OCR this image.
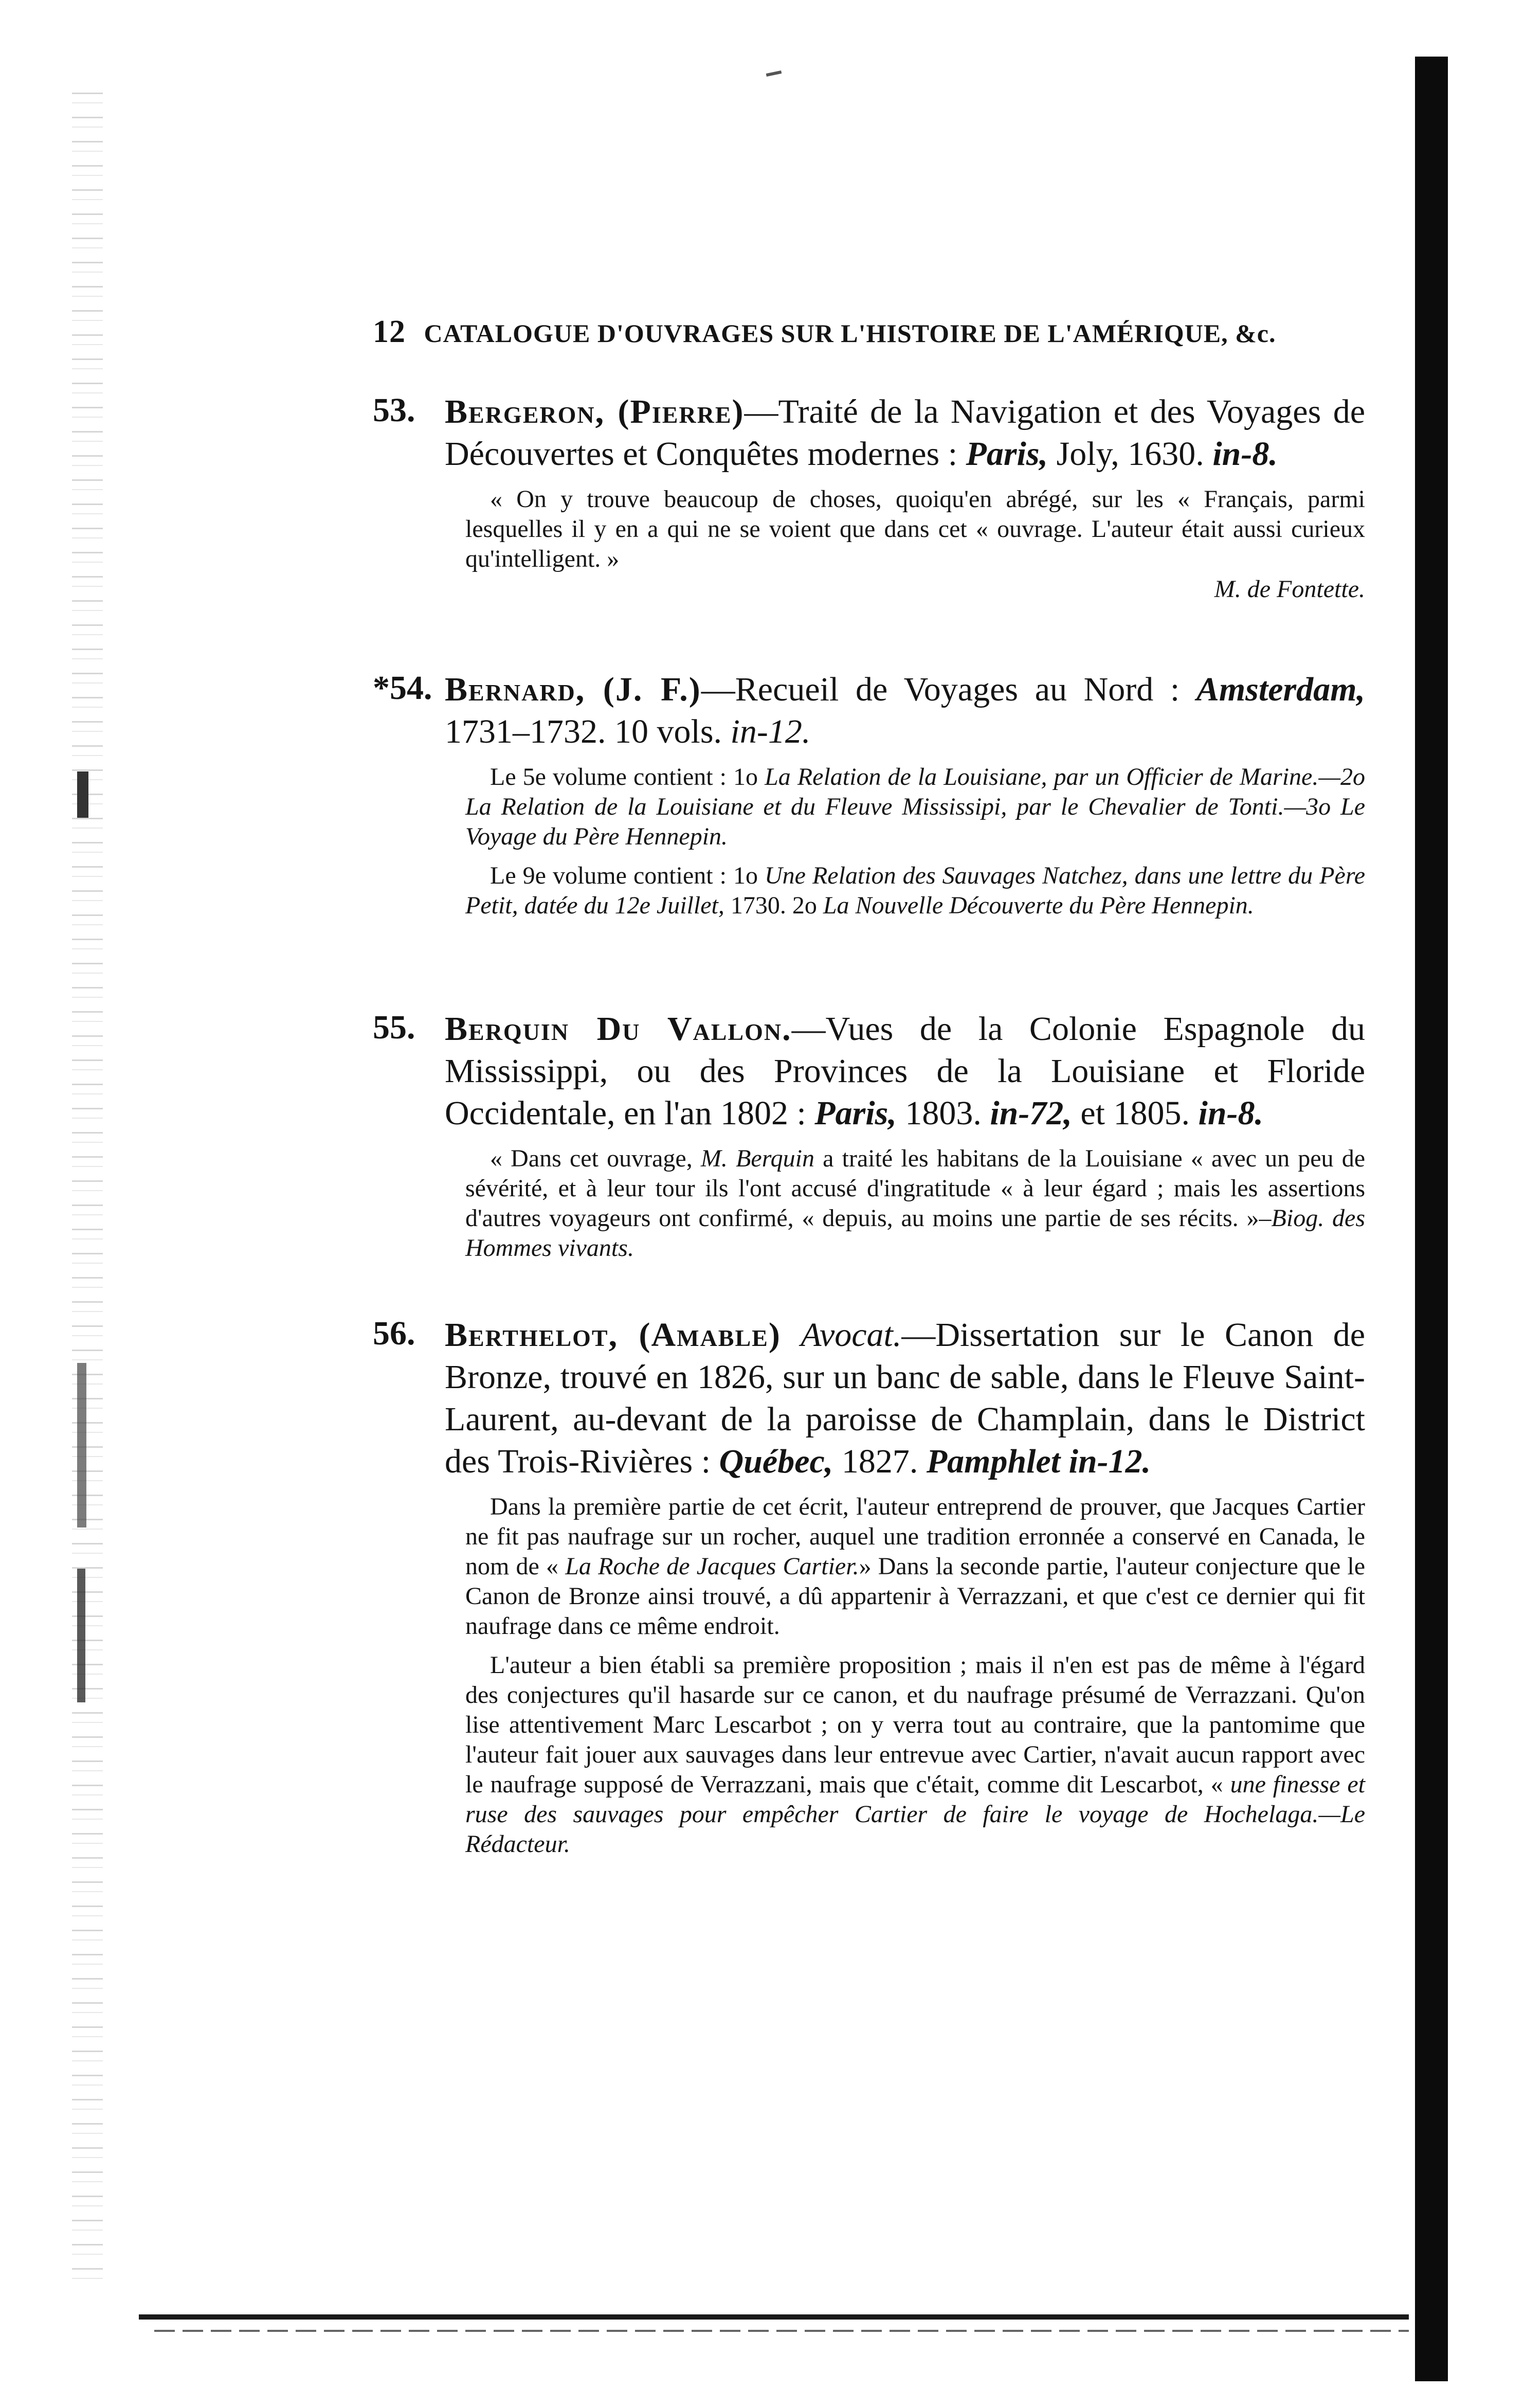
12 CATALOGUE D'OUVRAGES SUR L'HISTOIRE DE L'AMÉRIQUE, &c.
53. Bergeron, (Pierre)—Traité de la Navigation et des Voyages de Découvertes et Conquêtes modernes : Paris, Joly, 1630. in-8.
« On y trouve beaucoup de choses, quoiqu'en abrégé, sur les « Français, parmi lesquelles il y en a qui ne se voient que dans cet « ouvrage. L'auteur était aussi curieux qu'intelligent. »
M. de Fontette.
*54. Bernard, (J. F.)—Recueil de Voyages au Nord : Amsterdam, 1731–1732. 10 vols. in-12.
Le 5e volume contient : 1o La Relation de la Louisiane, par un Officier de Marine.—2o La Relation de la Louisiane et du Fleuve Mississipi, par le Chevalier de Tonti.—3o Le Voyage du Père Hennepin.
Le 9e volume contient : 1o Une Relation des Sauvages Natchez, dans une lettre du Père Petit, datée du 12e Juillet, 1730. 2o La Nouvelle Découverte du Père Hennepin.
55. Berquin Du Vallon.—Vues de la Colonie Espagnole du Mississippi, ou des Provinces de la Louisiane et Floride Occidentale, en l'an 1802 : Paris, 1803. in-72, et 1805. in-8.
« Dans cet ouvrage, M. Berquin a traité les habitans de la Louisiane « avec un peu de sévérité, et à leur tour ils l'ont accusé d'ingratitude « à leur égard ; mais les assertions d'autres voyageurs ont confirmé, « depuis, au moins une partie de ses récits. »–Biog. des Hommes vivants.
56. Berthelot, (Amable) Avocat.—Dissertation sur le Canon de Bronze, trouvé en 1826, sur un banc de sable, dans le Fleuve Saint-Laurent, au-devant de la paroisse de Champlain, dans le District des Trois-Rivières : Québec, 1827. Pamphlet in-12.
Dans la première partie de cet écrit, l'auteur entreprend de prouver, que Jacques Cartier ne fit pas naufrage sur un rocher, auquel une tradition erronnée a conservé en Canada, le nom de « La Roche de Jacques Cartier.» Dans la seconde partie, l'auteur conjecture que le Canon de Bronze ainsi trouvé, a dû appartenir à Verrazzani, et que c'est ce dernier qui fit naufrage dans ce même endroit.
L'auteur a bien établi sa première proposition ; mais il n'en est pas de même à l'égard des conjectures qu'il hasarde sur ce canon, et du naufrage présumé de Verrazzani. Qu'on lise attentivement Marc Lescarbot ; on y verra tout au contraire, que la pantomime que l'auteur fait jouer aux sauvages dans leur entrevue avec Cartier, n'avait aucun rapport avec le naufrage supposé de Verrazzani, mais que c'était, comme dit Lescarbot, « une finesse et ruse des sauvages pour empêcher Cartier de faire le voyage de Hochelaga.—Le Rédacteur.
